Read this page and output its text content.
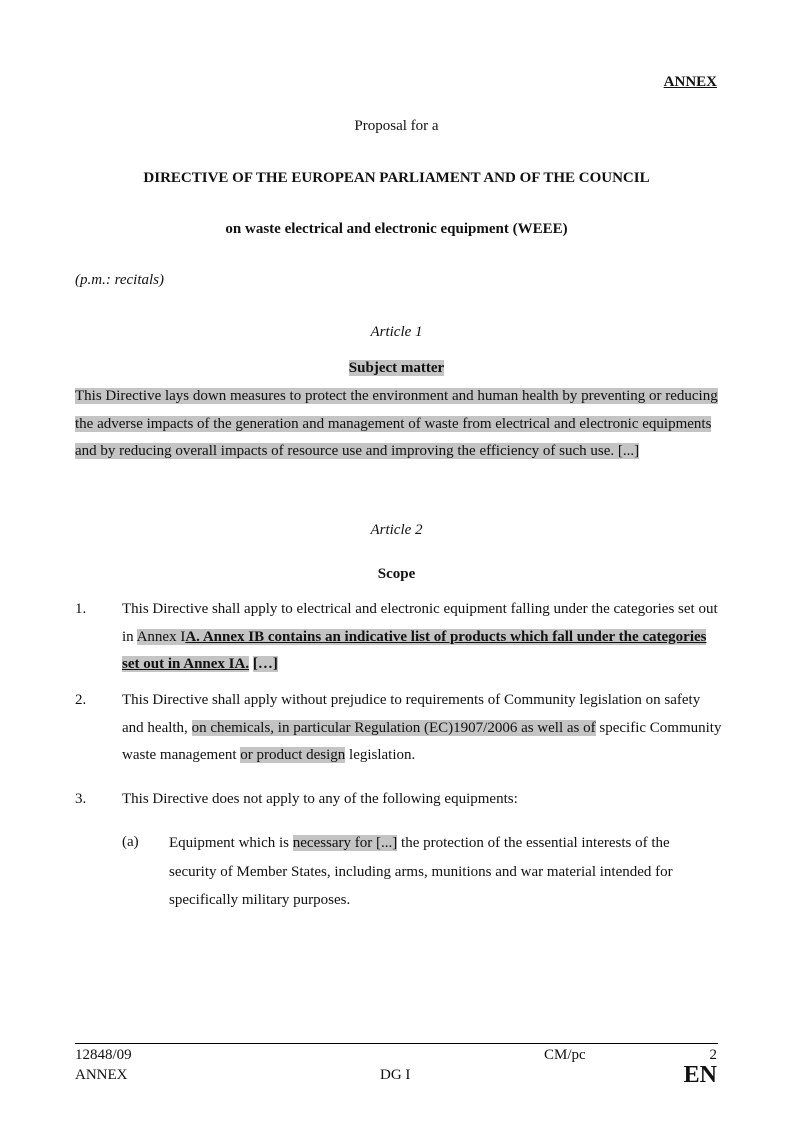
ANNEX
Proposal for a
DIRECTIVE OF THE EUROPEAN PARLIAMENT AND OF THE COUNCIL
on waste electrical and electronic equipment (WEEE)
(p.m.: recitals)
Article 1
Subject matter
This Directive lays down measures to protect the environment and human health by preventing or reducing the adverse impacts of the generation and management of waste from electrical and electronic equipments and by reducing overall impacts of resource use and improving the efficiency of such use. [...]
Article 2
Scope
1. This Directive shall apply to electrical and electronic equipment falling under the categories set out in Annex IA. Annex IB contains an indicative list of products which fall under the categories set out in Annex IA. […]
2. This Directive shall apply without prejudice to requirements of Community legislation on safety and health, on chemicals, in particular Regulation (EC)1907/2006 as well as of specific Community waste management or product design legislation.
3. This Directive does not apply to any of the following equipments:
(a) Equipment which is necessary for [...] the protection of the essential interests of the security of Member States, including arms, munitions and war material intended for specifically military purposes.
12848/09
ANNEX	DG I
CM/pc	2
EN
